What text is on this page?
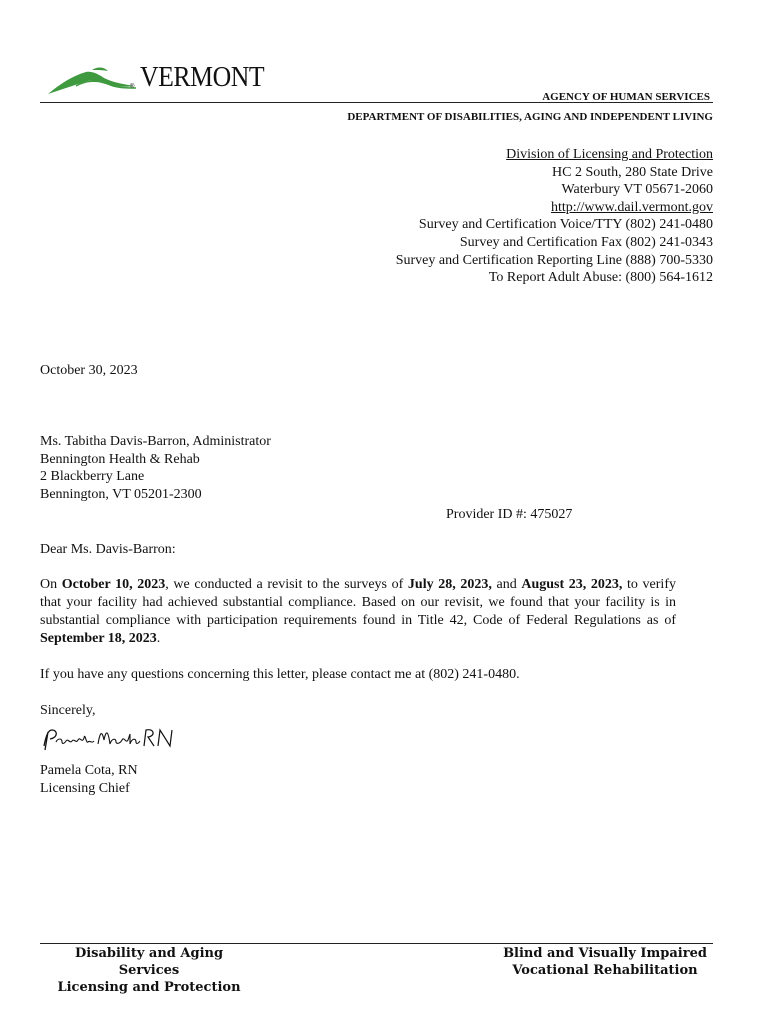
® VERMONT
AGENCY OF HUMAN SERVICES
DEPARTMENT OF DISABILITIES, AGING AND INDEPENDENT LIVING
Division of Licensing and Protection
HC 2 South, 280 State Drive
Waterbury VT 05671-2060
http://www.dail.vermont.gov
Survey and Certification Voice/TTY (802) 241-0480
Survey and Certification Fax (802) 241-0343
Survey and Certification Reporting Line (888) 700-5330
To Report Adult Abuse: (800) 564-1612
October 30, 2023
Ms. Tabitha Davis-Barron, Administrator
Bennington Health & Rehab
2 Blackberry Lane
Bennington, VT 05201-2300
Provider ID #: 475027
Dear Ms. Davis-Barron:
On October 10, 2023, we conducted a revisit to the surveys of July 28, 2023, and August 23, 2023, to verify that your facility had achieved substantial compliance. Based on our revisit, we found that your facility is in substantial compliance with participation requirements found in Title 42, Code of Federal Regulations as of September 18, 2023.
If you have any questions concerning this letter, please contact me at (802) 241-0480.
Sincerely,
Pamela Cota, RN
Licensing Chief
Disability and Aging Services
Licensing and Protection
Blind and Visually Impaired
Vocational Rehabilitation
